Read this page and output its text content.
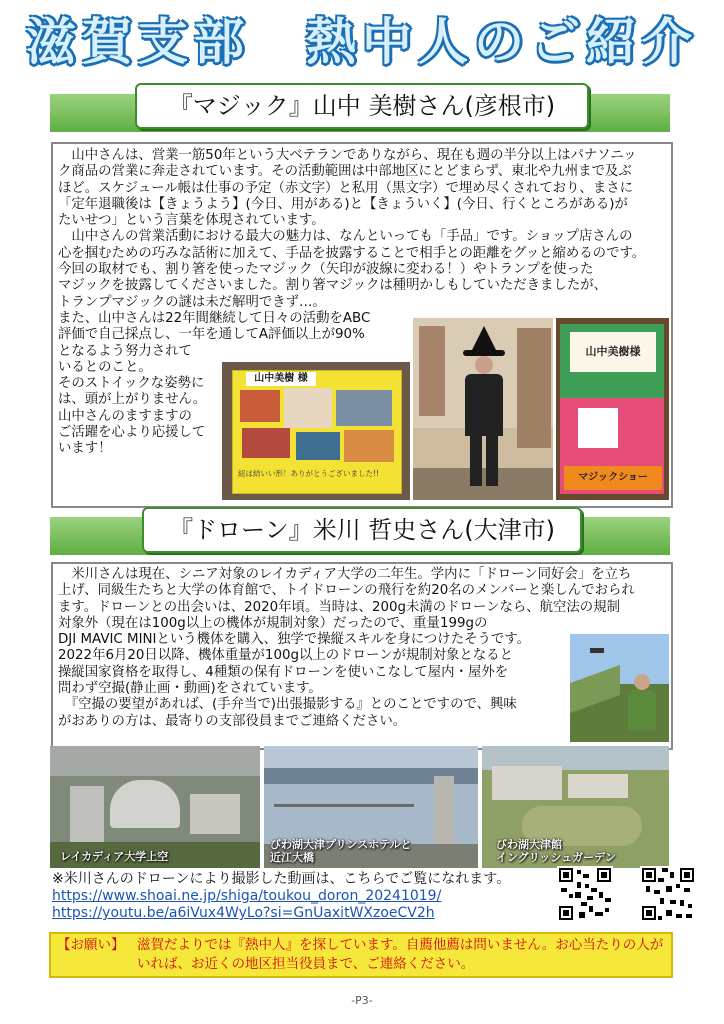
滋賀支部　熱中人のご紹介
『マジック』山中 美樹さん(彦根市)

　山中さんは、営業一筋50年という大ベテランでありながら、現在も週の半分以上はパナソニッ

ク商品の営業に奔走されています。その活動範囲は中部地区にとどまらず、東北や九州まで及ぶ

ほど。スケジュール帳は仕事の予定（赤文字）と私用（黒文字）で埋め尽くされており、まさに

「定年退職後は【きょうよう】(今日、用がある)と【きょういく】(今日、行くところがある)が

たいせつ」という言葉を体現されています。

　山中さんの営業活動における最大の魅力は、なんといっても「手品」です。ショップ店さんの

心を掴むための巧みな話術に加えて、手品を披露することで相手との距離をグッと縮めるのです。

今回の取材でも、割り箸を使ったマジック（矢印が波線に変わる！）やトランプを使った

マジックを披露してくださいました。割り箸マジックは種明かしもしていただきましたが、

トランプマジックの謎は未だ解明できず…。

また、山中さんは22年間継続して日々の活動をABC

評価で自己採点し、一年を通してA評価以上が90%

となるよう努力されて

いるとのこと。

そのストイックな姿勢に

は、頭が上がりません。

山中さんのますますの

ご活躍を心より応援して

います！

山中美樹 様
紐は結いい形！ありがとうございました!!
山中美樹様
マジックショー
『ドローン』米川 哲史さん(大津市)

　米川さんは現在、シニア対象のレイカディア大学の二年生。学内に「ドローン同好会」を立ち

上げ、同級生たちと大学の体育館で、トイドローンの飛行を約20名のメンバーと楽しんでおられ

ます。ドローンとの出会いは、2020年頃。当時は、200g未満のドローンなら、航空法の規制

対象外（現在は100g以上の機体が規制対象）だったので、重量199gの

DJI MAVIC MINIという機体を購入、独学で操縦スキルを身につけたそうです。

2022年6月20日以降、機体重量が100g以上のドローンが規制対象となると

操縦国家資格を取得し、4種類の保有ドローンを使いこなして屋内・屋外を

問わず空撮(静止画・動画)をされています。

　『空撮の要望があれば、(手弁当で)出張撮影する』とのことですので、興味

がおありの方は、最寄りの支部役員までご連絡ください。

レイカディア大学上空
びわ湖大津プリンスホテルと
近江大橋
びわ湖大津館
イングリッシュガーデン
※米川さんのドローンにより撮影した動画は、こちらでご覧になれます。
https://www.shoai.ne.jp/shiga/toukou_doron_20241019/
https://youtu.be/a6iVux4WyLo?si=GnUaxitWXzoeCV2h
【お願い】 滋賀だよりでは『熱中人』を探しています。自薦他薦は問いません。お心当たりの人が
いれば、お近くの地区担当役員まで、ご連絡ください。
-P3-
